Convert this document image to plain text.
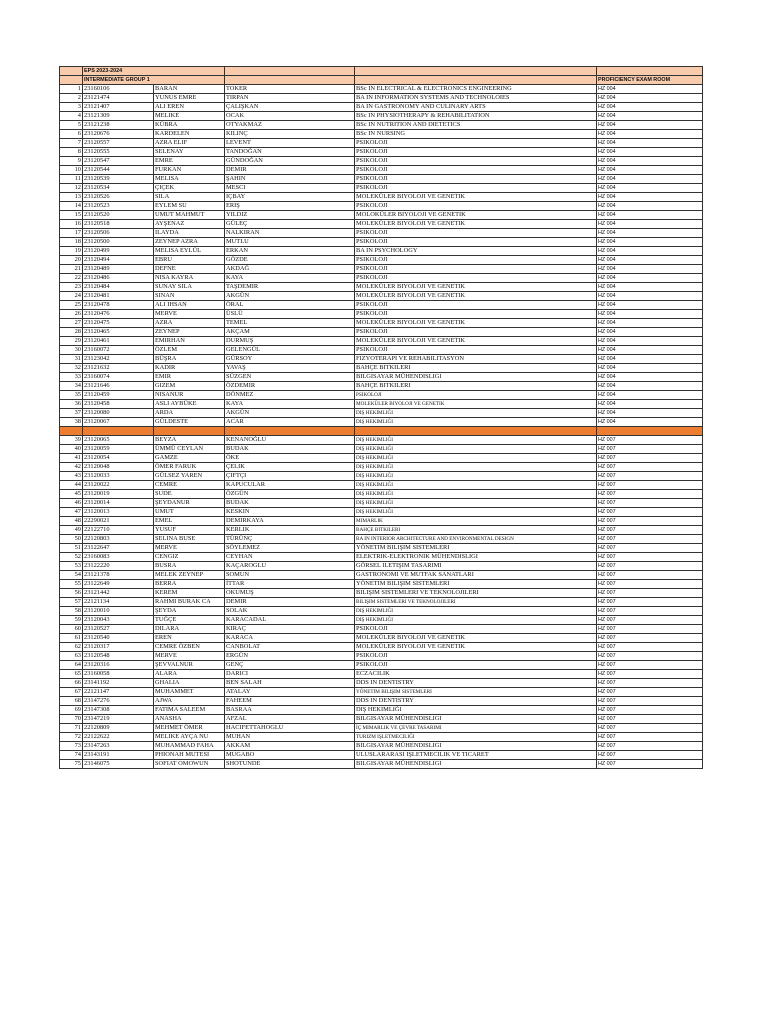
	EPS 2023-2024				
	INTERMEDIATE GROUP 1				PROFICIENCY EXAM ROOM
1	23160106	BARAN	TOKER	BSc IN ELECTRICAL & ELECTRONICS ENGINEERING	HZ 004
2	23121474	YUNUS EMRE	TIRPAN	BA IN INFORMATION SYSTEMS AND TECHNOLOIES	HZ 004
3	23121407	ALI EREN	ÇALIŞKAN	BA IN GASTRONOMY AND CULINARY ARTS	HZ 004
4	23121309	MELIKE	OCAK	BSc IN PHYSIOTHERAPY & REHABILITATION	HZ 004
5	23121238	KÜBRA	OTYAKMAZ	BSc IN NUTRITION AND DIETETICS	HZ 004
6	23120676	KARDELEN	KILINÇ	BSc IN NURSING	HZ 004
7	23120557	AZRA ELIF	LEVENT	PSIKOLOJI	HZ 004
8	23120555	SELENAY	TANDOĞAN	PSIKOLOJI	HZ 004
9	23120547	EMRE	GÜNDOĞAN	PSIKOLOJI	HZ 004
10	23120544	FURKAN	DEMIR	PSIKOLOJI	HZ 004
11	23120539	MELISA	ŞAHIN	PSIKOLOJI	HZ 004
12	23120534	ÇIÇEK	MESCI	PSIKOLOJI	HZ 004
13	23120526	SILA	IÇBAY	MOLEKÜLER BIYOLOJI VE GENETIK	HZ 004
14	23120523	EYLEM SU	ERIŞ	PSIKOLOJI	HZ 004
15	23120520	UMUT MAHMUT	YILDIZ	MOLOKÜLER BIYOLOJI VE GENETIK	HZ 004
16	23120518	AYŞENAZ	GÜLEÇ	MOLEKÜLER BIYOLOJI VE GENETIK	HZ 004
17	23120506	ILAYDA	NALKIRAN	PSIKOLOJI	HZ 004
18	23120500	ZEYNEP AZRA	MUTLU	PSIKOLOJI	HZ 004
19	23120499	MELISA EYLÜL	ERKAN	BA IN PSYCHOLOGY	HZ 004
20	23120494	EBRU	GÖZDE	PSIKOLOJI	HZ 004
21	23120489	DEFNE	AKDAĞ	PSIKOLOJI	HZ 004
22	23120486	NISA KAYRA	KAYA	PSIKOLOJI	HZ 004
23	23120484	SUNAY SILA	TAŞDEMIR	MOLEKÜLER BIYOLOJI VE GENETIK	HZ 004
24	23120481	SINAN	AKGÜN	MOLEKÜLER BIYOLOJI VE GENETIK	HZ 004
25	23120478	ALI IHSAN	ÖRAL	PSIKOLOJI	HZ 004
26	23120476	MERVE	ÜSLÜ	PSIKOLOJI	HZ 004
27	23120475	AZRA	TEMEL	MOLEKÜLER BIYOLOJI VE GENETIK	HZ 004
28	23120465	ZEYNEP	AKÇAM	PSIKOLOJI	HZ 004
29	23120461	EMIRHAN	DURMUŞ	MOLEKÜLER BIYOLOJI VE GENETIK	HZ 004
30	23160072	ÖZLEM	GELENGÜL	PSIKOLOJI	HZ 004
31	23123042	BÜŞRA	GÜRSOY	FIZYOTERAPI VE REHABILITASYON	HZ 004
32	23121632	KADIR	YAVAŞ	BAHÇE BITKILERI	HZ 004
33	23160074	EMIR	SÜZGEN	BILGISAYAR MÜHENDISLIGI	HZ 004
34	23121646	GIZEM	ÖZDEMIR	BAHÇE BITKILERI	HZ 004
35	23120459	NISANUR	DÖNMEZ	PSIKOLOJI	HZ 004
36	23120458	ASLI AYBÜKE	KAYA	MOLEKÜLER BIYOLOJI VE GENETIK	HZ 004
37	23120080	ARDA	AKGÜN	DIŞ HEKIMLIĞI	HZ 004
38	23120067	GÜLDESTE	ACAR	DIŞ HEKIMLIĞI	HZ 004

39	23120065	BEYZA	KENANOĞLU	DIŞ HEKIMLIĞI	HZ 007
40	23120059	ÜMMÜ CEYLAN	BUDAK	DIŞ HEKIMLIĞI	HZ 007
41	23120054	GAMZE	ÖKE	DIŞ HEKIMLIĞI	HZ 007
42	23120048	ÖMER FARUK	ÇELIK	DIŞ HEKIMLIĞI	HZ 007
43	23120033	GÜLSEZ YAREN	ÇIFTÇI	DIŞ HEKIMLIĞI	HZ 007
44	23120022	CEMRE	KAPUCULAR	DIŞ HEKIMLIĞI	HZ 007
45	23120019	SUDE	ÖZGÜN	DIŞ HEKIMLIĞI	HZ 007
46	23120014	ŞEYDANUR	BUDAK	DIŞ HEKIMLIĞI	HZ 007
47	23120013	UMUT	KESKIN	DIŞ HEKIMLIĞI	HZ 007
48	22290021	EMEL	DEMIRKAYA	MIMARLIK	HZ 007
49	22122710	YUSUF	KERLIK	BAHÇE BITKILERI	HZ 007
50	22120803	SELINA BUSE	TÜRÜNÇ	BA IN INTERIOR ARCHITECTURE AND ENVIRONMENTAL DESIGN	HZ 007
51	23122647	MERVE	SÖYLEMEZ	YÖNETIM BILIŞIM SISTEMLERI	HZ 007
52	23160083	CENGIZ	CEYHAN	ELEKTRIK-ELEKTRONIK MÜHENDISLIGI	HZ 007
53	23122220	BUSRA	KAÇAROGLU	GÖRSEL ILETIŞIM TASARIMI	HZ 007
54	23121378	MELEK ZEYNEP	SOMUN	GASTRONOMI VE MUTFAK SANATLARI	HZ 007
55	23122649	BERRA	İTTAR	YÖNETIM BILIŞIM SISTEMLERI	HZ 007
56	23121442	KEREM	OKUMUŞ	BILIŞIM SISTEMLERI VE TEKNOLOJILERI	HZ 007
57	22121134	RAHMI BURAK CA	DEMIR	BILIŞIM SISTEMLERI VE TEKNOLOJILERI	HZ 007
58	23120010	ŞEYDA	SOLAK	DIŞ HEKIMLIĞI	HZ 007
59	23120043	TUĞÇE	KARACADAL	DIŞ HEKIMLIĞI	HZ 007
60	23120527	DILARA	KIRAÇ	PSIKOLOJI	HZ 007
61	23120540	EREN	KARACA	MOLEKÜLER BIYOLOJI VE GENETIK	HZ 007
62	23120317	CEMRE ÖZBEN	CANBOLAT	MOLEKÜLER BIYOLOJI VE GENETIK	HZ 007
63	23120548	MERVE	ERGÜN	PSIKOLOJI	HZ 007
64	23120316	ŞEVVALNUR	GENÇ	PSIKOLOJI	HZ 007
65	23160058	ALARA	DARICI	ECZACILIK	HZ 007
66	23141192	GHALIA	BEN SALAH	DDS IN DENTISTRY	HZ 007
67	22121147	MUHAMMET	ATALAY	YÖNETIM BILIŞIM SISTEMLERI	HZ 007
68	23147276	AJWA	FAHEEM	DDS IN DENTISTRY	HZ 007
69	23147308	FATIMA SALEEM	BASRAA	DIŞ HEKIMLIĞI	HZ 007
70	23147219	ANASHA	AFZAL	BILGISAYAR MÜHENDISLIGI	HZ 007
71	22120809	MEHMET ÖMER	HACIFETTAHOGLU	İÇ MIMARLIK VE ÇEVRE TASARIMI	HZ 007
72	22122622	MELIKE AYÇA NU	MUHAN	TURIZM IŞLETMECILIĞI	HZ 007
73	23147263	MUHAMMAD FAHA	AKKAM	BILGISAYAR MÜHENDISLIGI	HZ 007
74	23143191	PHIONAH MUTESI	MUGABO	ULUSLARARASI IŞLETMECILIK VE TICARET	HZ 007
75	23146075	SOFIAT OMOWUN	SHOTUNDE	BILGISAYAR MÜHENDISLIGI	HZ 007
